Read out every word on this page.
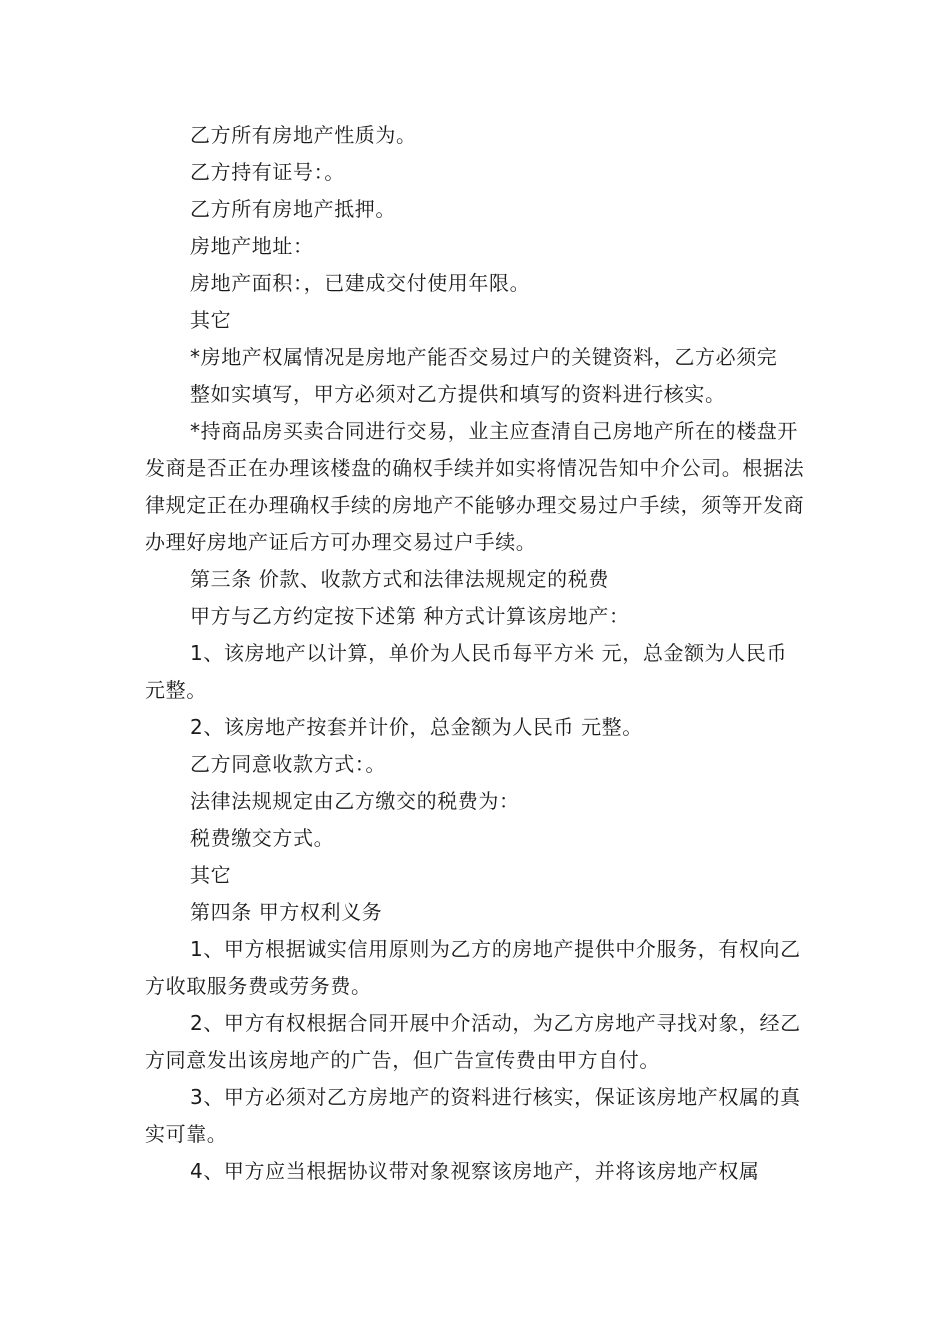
乙方所有房地产性质为。

乙方持有证号：。

乙方所有房地产抵押。

房地产地址：

房地产面积：，已建成交付使用年限。

其它

*房地产权属情况是房地产能否交易过户的关键资料，乙方必须完

整如实填写，甲方必须对乙方提供和填写的资料进行核实。

*持商品房买卖合同进行交易，业主应查清自己房地产所在的楼盘开发商是否正在办理该楼盘的确权手续并如实将情况告知中介公司。根据法律规定正在办理确权手续的房地产不能够办理交易过户手续，须等开发商办理好房地产证后方可办理交易过户手续。

第三条 价款、收款方式和法律法规规定的税费

甲方与乙方约定按下述第 种方式计算该房地产：

1、该房地产以计算，单价为人民币每平方米 元，总金额为人民币 元整。

2、该房地产按套并计价，总金额为人民币 元整。

乙方同意收款方式：。

法律法规规定由乙方缴交的税费为：

税费缴交方式。

其它

第四条 甲方权利义务

1、甲方根据诚实信用原则为乙方的房地产提供中介服务，有权向乙方收取服务费或劳务费。

2、甲方有权根据合同开展中介活动，为乙方房地产寻找对象，经乙方同意发出该房地产的广告，但广告宣传费由甲方自付。

3、甲方必须对乙方房地产的资料进行核实，保证该房地产权属的真实可靠。

4、甲方应当根据协议带对象视察该房地产，并将该房地产权属
